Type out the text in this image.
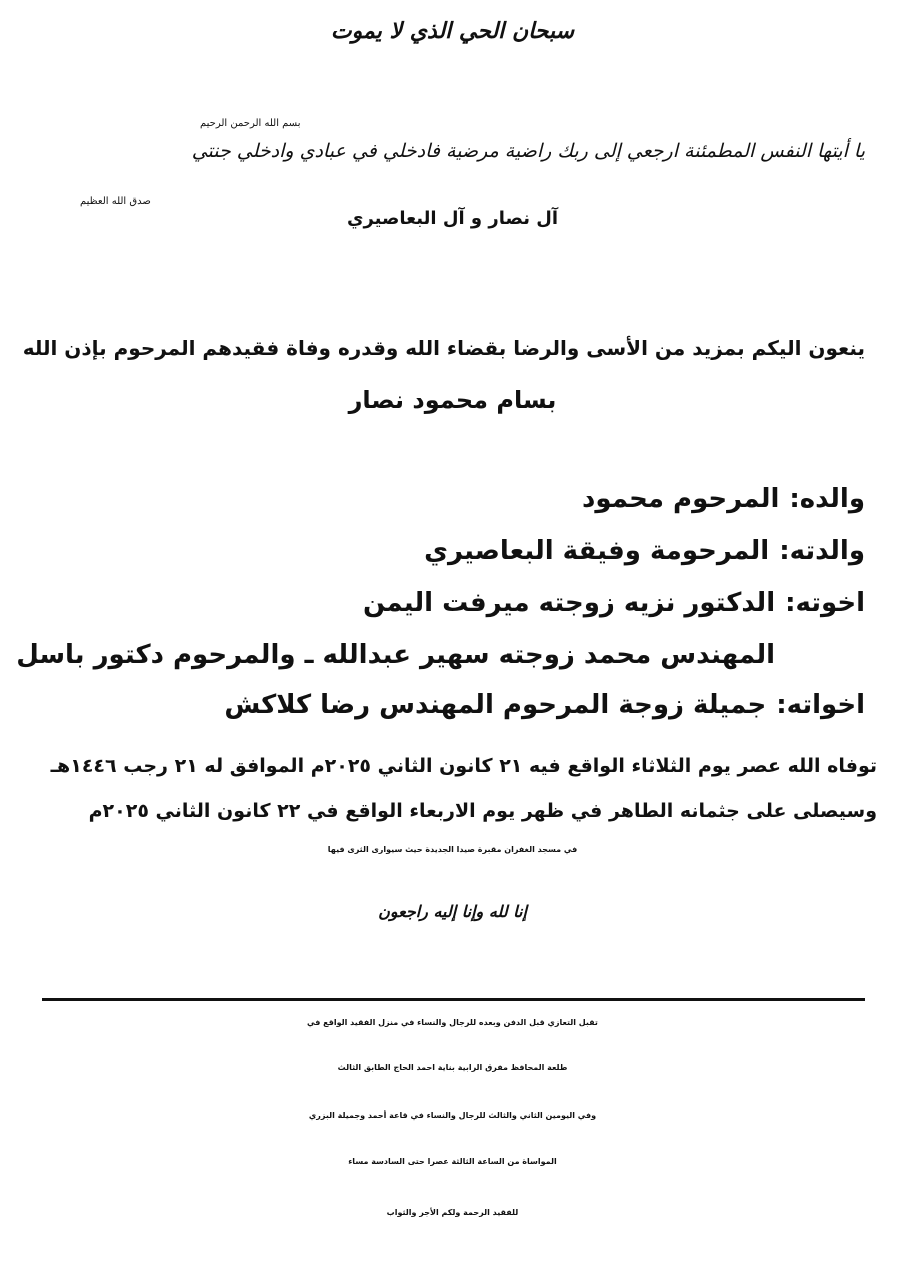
سبحان الحي الذي لا يموت
بسم الله الرحمن الرحيم
يا أيتها النفس المطمئنة ارجعي إلى ربك راضية مرضية فادخلي في عبادي وادخلي جنتي
صدق الله العظيم
آل نصار و آل البعاصيري
ينعون اليكم بمزيد من الأسى والرضا بقضاء الله وقدره وفاة فقيدهم المرحوم بإذن الله
بسام محمود نصار
والده:المرحوم محمود
والدته:المرحومة وفيقة البعاصيري
اخوته:الدكتور نزيه زوجته ميرفت اليمن
المهندس محمد زوجته سهير عبدالله ـ والمرحوم دكتور باسل
اخواته:جميلة زوجة المرحوم المهندس رضا كلاكش
توفاه الله عصر يوم الثلاثاء الواقع فيه ٢١ كانون الثاني ٢٠٢٥م الموافق له ٢١ رجب ١٤٤٦هـ
وسيصلى على جثمانه الطاهر في ظهر يوم الاربعاء الواقع في ٢٢ كانون الثاني ٢٠٢٥م
في مسجد الغفران مقبرة صيدا الجديدة حيث سيوارى الثرى فيها
إنا لله وإنا إليه راجعون
تقبل التعازي قبل الدفن وبعده للرجال والنساء في منزل الفقيد الواقع في
طلعة المحافظ مفرق الرابية بناية احمد الحاج الطابق الثالث
وفي اليومين الثاني والثالث للرجال والنساء في قاعة أحمد وجميلة البزري
المواساة من الساعة الثالثة عصرا حتى السادسة مساء
للفقيد الرحمة ولكم الأجر والثواب
